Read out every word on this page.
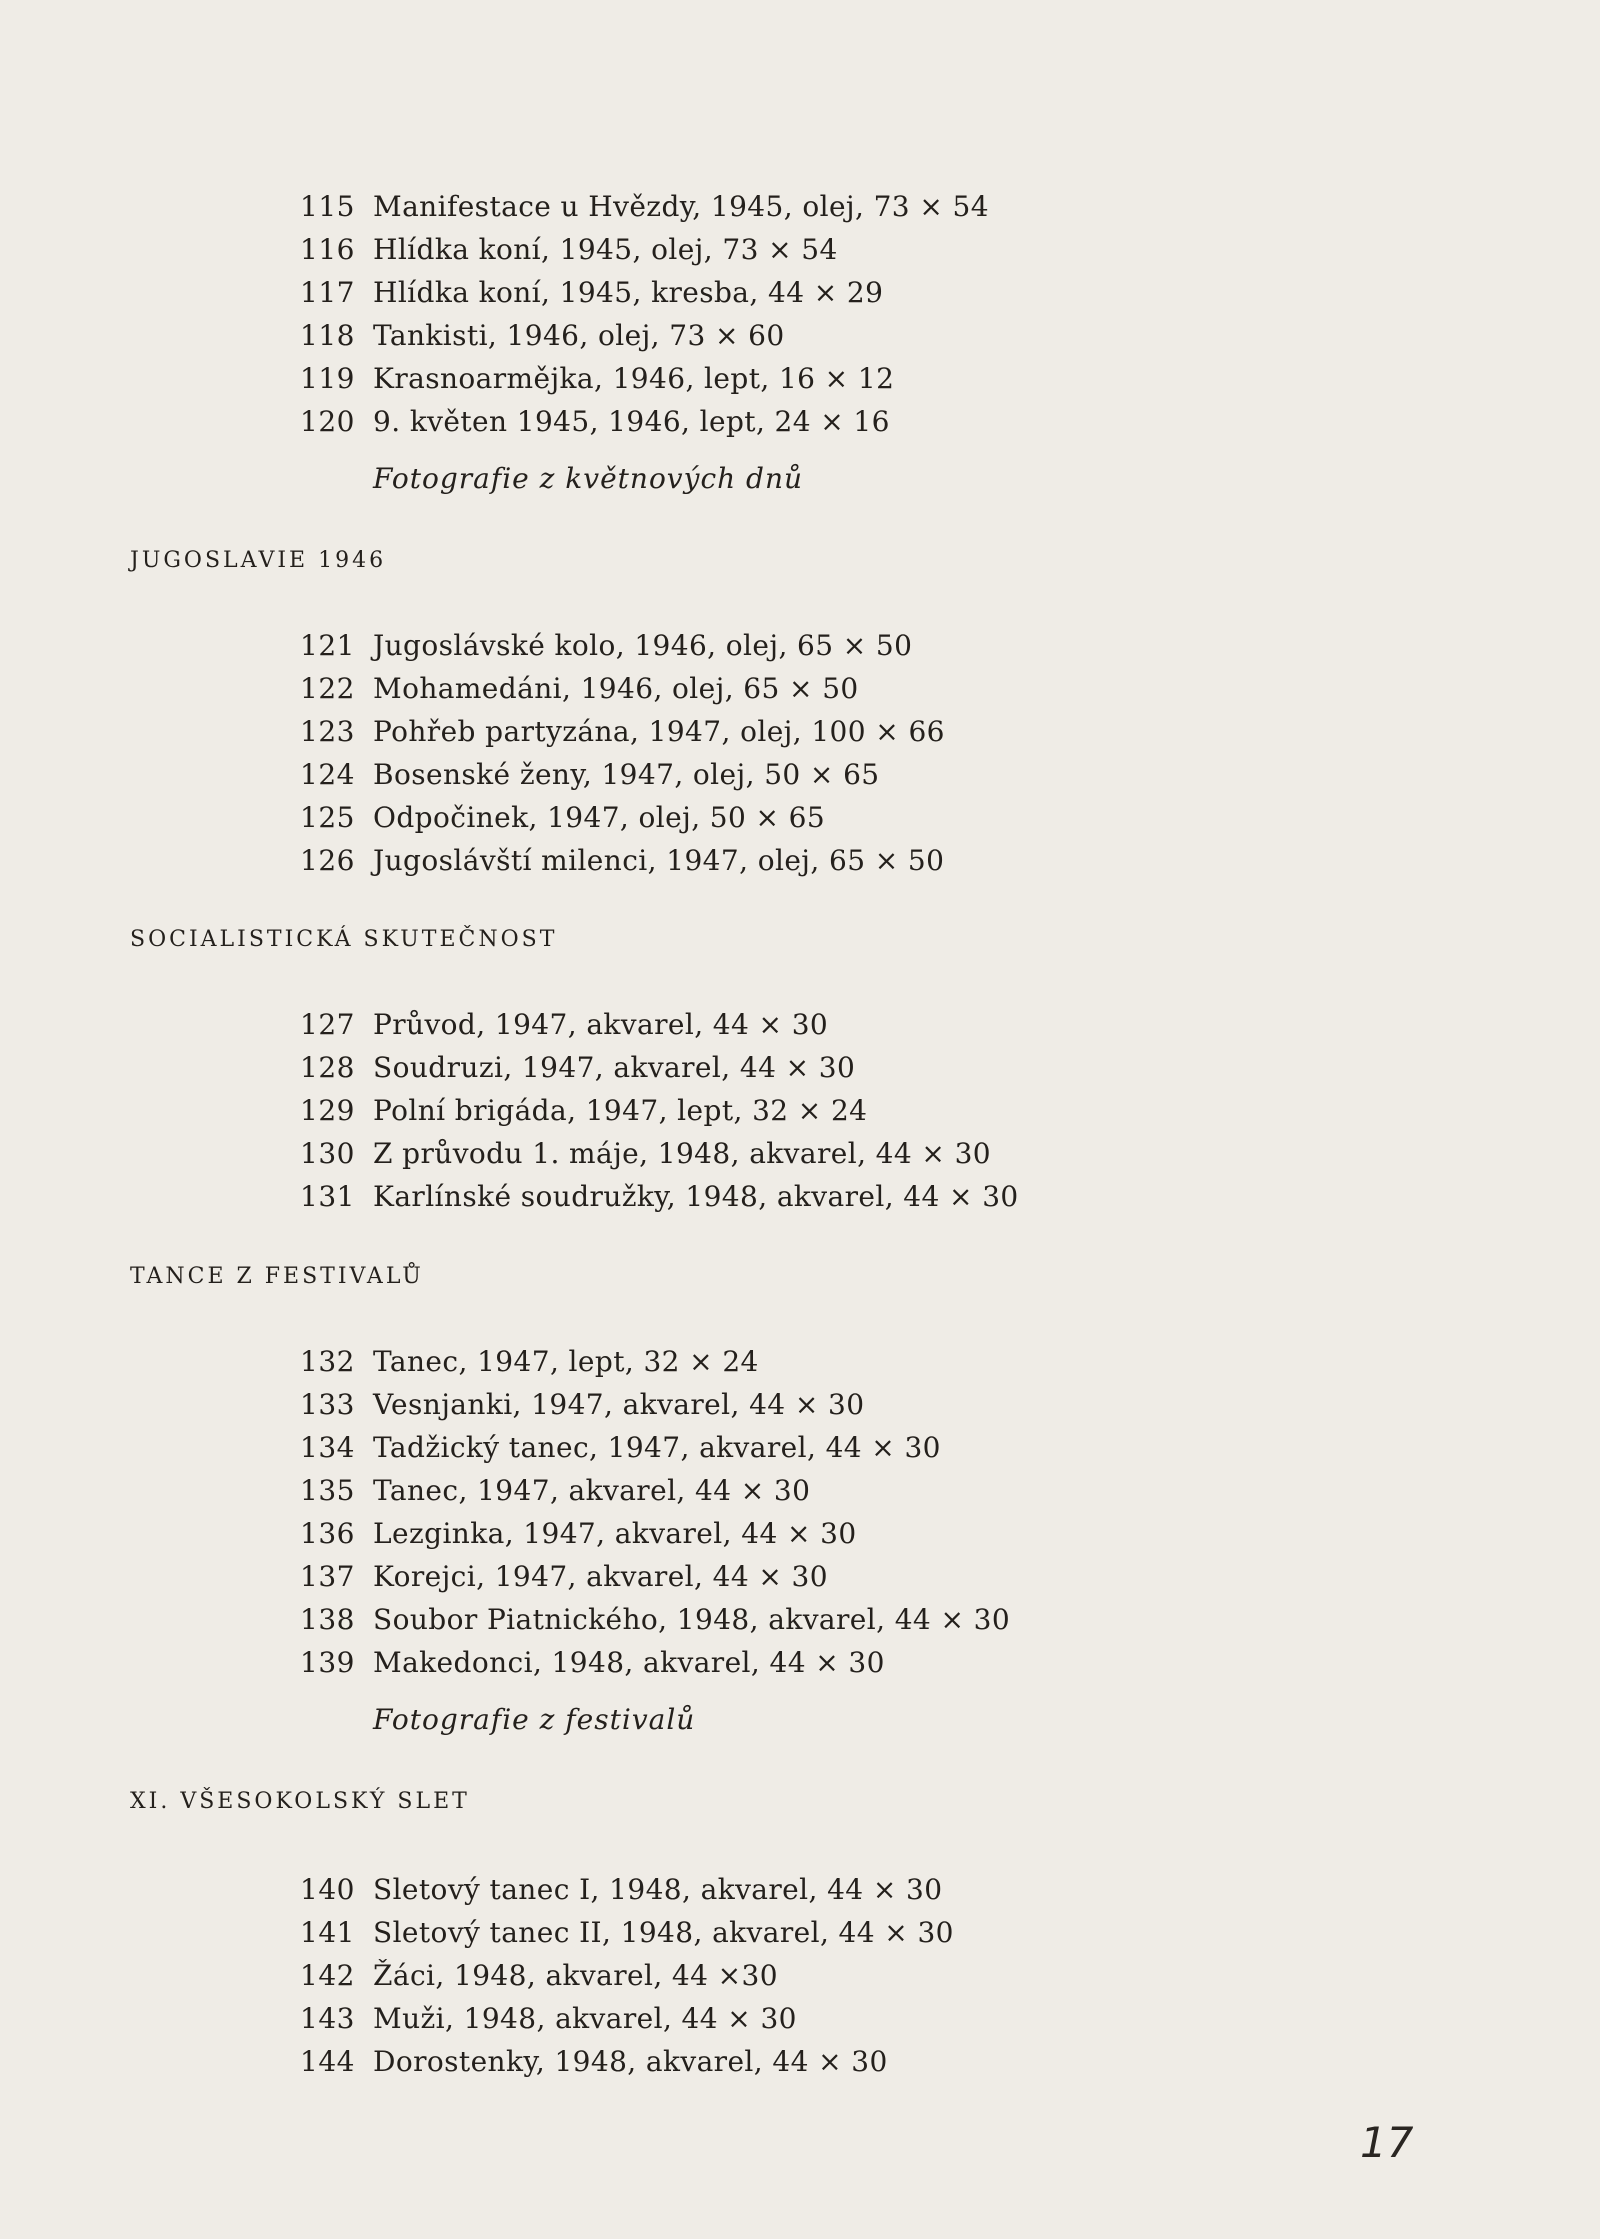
115 Manifestace u Hvězdy, 1945, olej, 73 × 54
116 Hlídka koní, 1945, olej, 73 × 54
117 Hlídka koní, 1945, kresba, 44 × 29
118 Tankisti, 1946, olej, 73 × 60
119 Krasnoarmějka, 1946, lept, 16 × 12
120 9. květen 1945, 1946, lept, 24 × 16
Fotografie z květnových dnů
JUGOSLAVIE 1946
121 Jugoslávské kolo, 1946, olej, 65 × 50
122 Mohamedáni, 1946, olej, 65 × 50
123 Pohřeb partyzána, 1947, olej, 100 × 66
124 Bosenské ženy, 1947, olej, 50 × 65
125 Odpočinek, 1947, olej, 50 × 65
126 Jugoslávští milenci, 1947, olej, 65 × 50
SOCIALISTICKÁ SKUTEČNOST
127 Průvod, 1947, akvarel, 44 × 30
128 Soudruzi, 1947, akvarel, 44 × 30
129 Polní brigáda, 1947, lept, 32 × 24
130 Z průvodu 1. máje, 1948, akvarel, 44 × 30
131 Karlínské soudružky, 1948, akvarel, 44 × 30
TANCE Z FESTIVALŮ
132 Tanec, 1947, lept, 32 × 24
133 Vesnjanki, 1947, akvarel, 44 × 30
134 Tadžický tanec, 1947, akvarel, 44 × 30
135 Tanec, 1947, akvarel, 44 × 30
136 Lezginka, 1947, akvarel, 44 × 30
137 Korejci, 1947, akvarel, 44 × 30
138 Soubor Piatnického, 1948, akvarel, 44 × 30
139 Makedonci, 1948, akvarel, 44 × 30
Fotografie z festivalů
XI. VŠESOKOLSKÝ SLET
140 Sletový tanec I, 1948, akvarel, 44 × 30
141 Sletový tanec II, 1948, akvarel, 44 × 30
142 Žáci, 1948, akvarel, 44 ×30
143 Muži, 1948, akvarel, 44 × 30
144 Dorostenky, 1948, akvarel, 44 × 30
17
